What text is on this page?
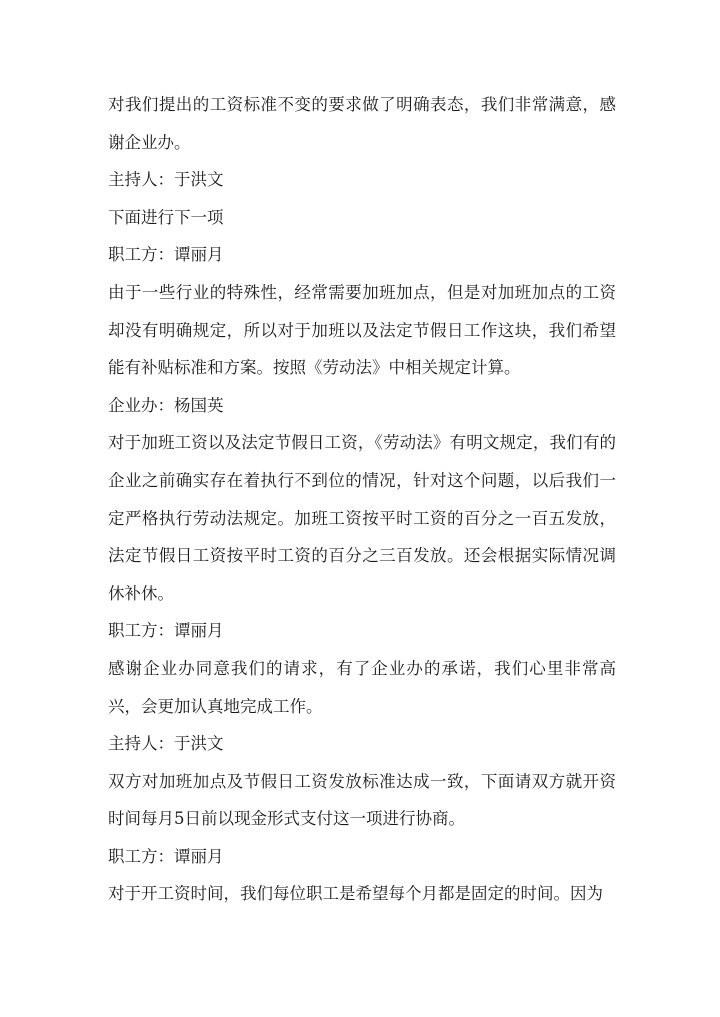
对我们提出的工资标准不变的要求做了明确表态，我们非常满意，感谢企业办。

主持人：于洪文

下面进行下一项

职工方：谭丽月

由于一些行业的特殊性，经常需要加班加点，但是对加班加点的工资却没有明确规定，所以对于加班以及法定节假日工作这块，我们希望能有补贴标准和方案。按照《劳动法》中相关规定计算。

企业办：杨国英

对于加班工资以及法定节假日工资，《劳动法》有明文规定，我们有的企业之前确实存在着执行不到位的情况，针对这个问题，以后我们一定严格执行劳动法规定。加班工资按平时工资的百分之一百五发放，法定节假日工资按平时工资的百分之三百发放。还会根据实际情况调休补休。

职工方：谭丽月

感谢企业办同意我们的请求，有了企业办的承诺，我们心里非常高兴，会更加认真地完成工作。

主持人：于洪文

双方对加班加点及节假日工资发放标准达成一致，下面请双方就开资时间每月5日前以现金形式支付这一项进行协商。

职工方：谭丽月

对于开工资时间，我们每位职工是希望每个月都是固定的时间。因为
